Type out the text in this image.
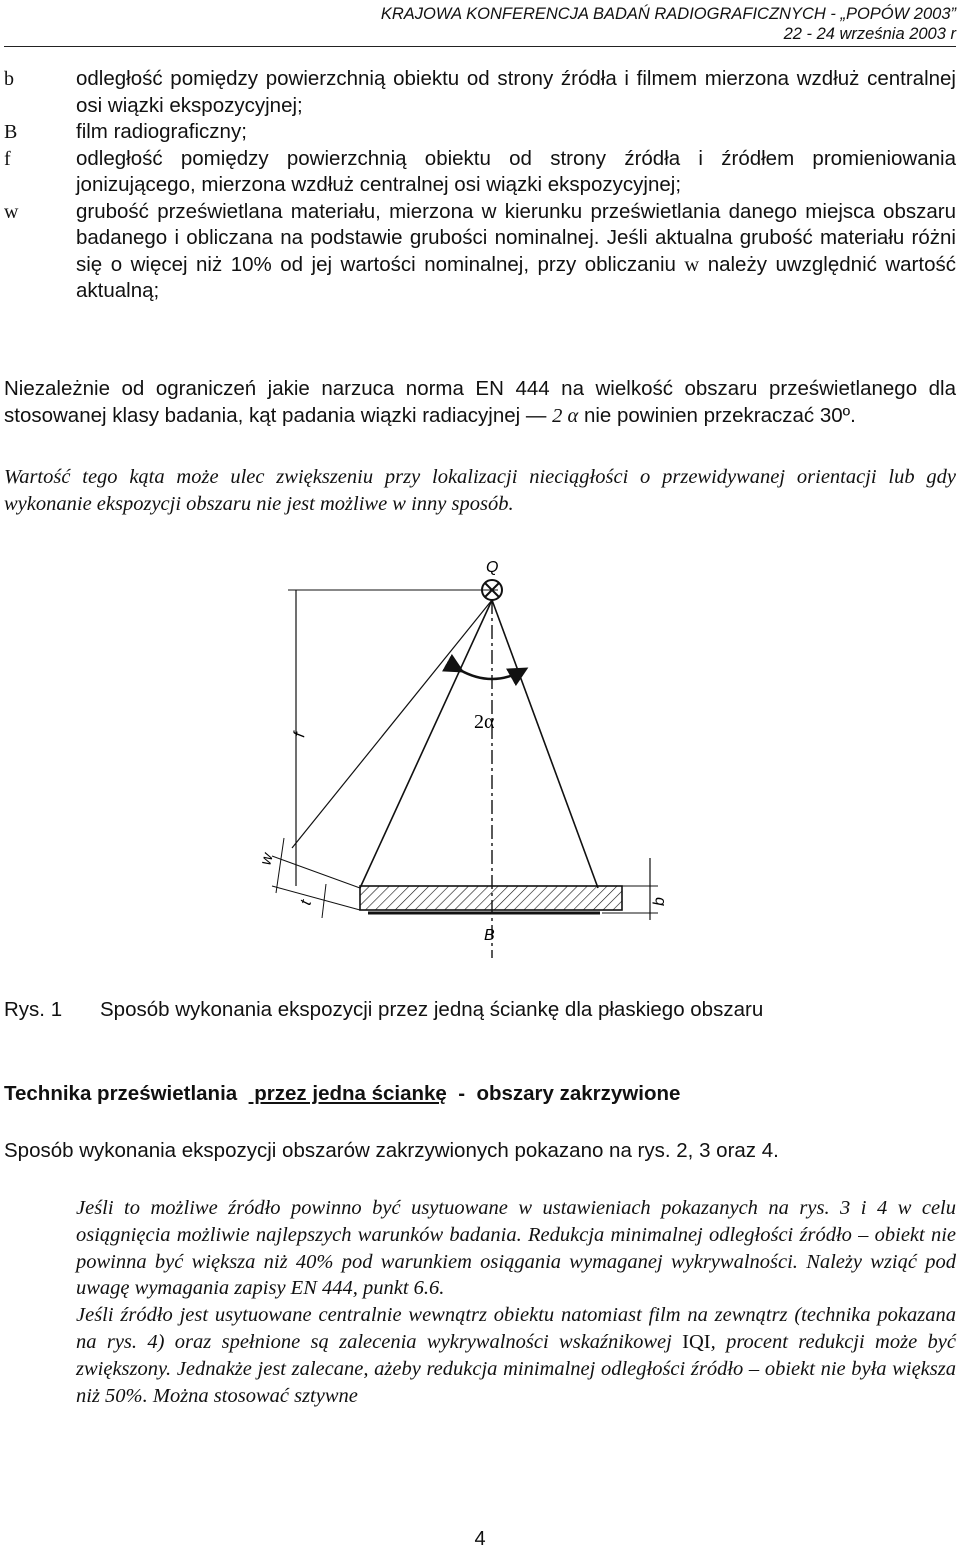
KRAJOWA KONFERENCJA BADAŃ RADIOGRAFICZNYCH - „POPÓW 2003”
22 - 24 września 2003 r
b	odległość pomiędzy powierzchnią obiektu od strony źródła i filmem mierzona wzdłuż centralnej osi wiązki ekspozycyjnej;
B	film radiograficzny;
f	odległość pomiędzy powierzchnią obiektu od strony źródła i źródłem promieniowania jonizującego, mierzona wzdłuż centralnej osi wiązki ekspozycyjnej;
w	grubość prześwietlana materiału, mierzona w kierunku prześwietlania danego miejsca obszaru badanego i obliczana na podstawie grubości nominalnej. Jeśli aktualna grubość materiału różni się o więcej niż 10% od jej wartości nominalnej, przy obliczaniu w należy uwzględnić wartość aktualną;
Niezależnie od ograniczeń jakie narzuca norma EN 444 na wielkość obszaru prześwietlanego dla stosowanej klasy badania, kąt padania wiązki radiacyjnej — 2 α nie powinien przekraczać 30º.
Wartość tego kąta może ulec zwiększeniu przy lokalizacji nieciągłości o przewidywanej orientacji lub gdy wykonanie ekspozycji obszaru nie jest możliwe w inny sposób.
Q
2α
f
B
w
t	b
Rys. 1	Sposób wykonania ekspozycji przez jedną ściankę dla płaskiego obszaru
Technika prześwietlania   przez jedna ściankę  -  obszary zakrzywione
Sposób wykonania ekspozycji obszarów zakrzywionych pokazano na rys. 2, 3 oraz 4.
Jeśli to możliwe źródło powinno być usytuowane w ustawieniach pokazanych na rys. 3 i 4 w celu osiągnięcia możliwie najlepszych warunków badania. Redukcja minimalnej odległości źródło – obiekt nie powinna być większa niż 40% pod warunkiem osiągania wymaganej wykrywalności. Należy wziąć pod uwagę wymagania zapisy EN 444, punkt 6.6.
Jeśli źródło jest usytuowane centralnie wewnątrz obiektu natomiast film na zewnątrz (technika pokazana na rys. 4) oraz spełnione są zalecenia wykrywalności wskaźnikowej IQI, procent redukcji może być zwiększony. Jednakże jest zalecane, ażeby redukcja minimalnej odległości źródło – obiekt nie była większa niż 50%. Można stosować sztywne
4
